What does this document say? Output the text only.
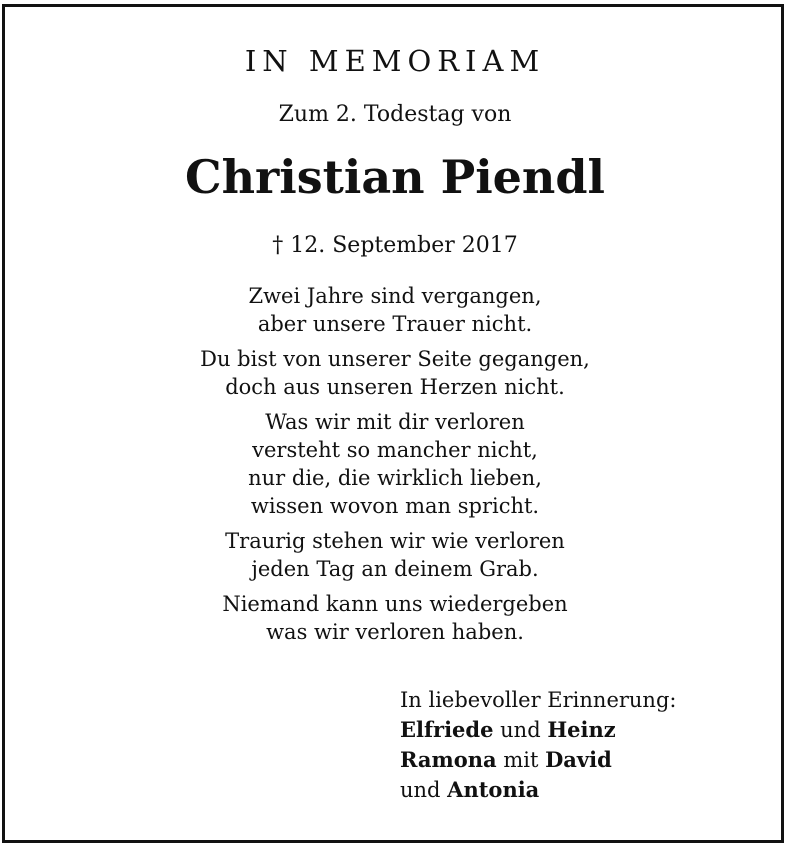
IN MEMORIAM
Zum 2. Todestag von
Christian Piendl
† 12. September 2017
Zwei Jahre sind vergangen,
aber unsere Trauer nicht.
Du bist von unserer Seite gegangen,
doch aus unseren Herzen nicht.
Was wir mit dir verloren
versteht so mancher nicht,
nur die, die wirklich lieben,
wissen wovon man spricht.
Traurig stehen wir wie verloren
jeden Tag an deinem Grab.
Niemand kann uns wiedergeben
was wir verloren haben.
In liebevoller Erinnerung:
Elfriede und Heinz
Ramona mit David
und Antonia
